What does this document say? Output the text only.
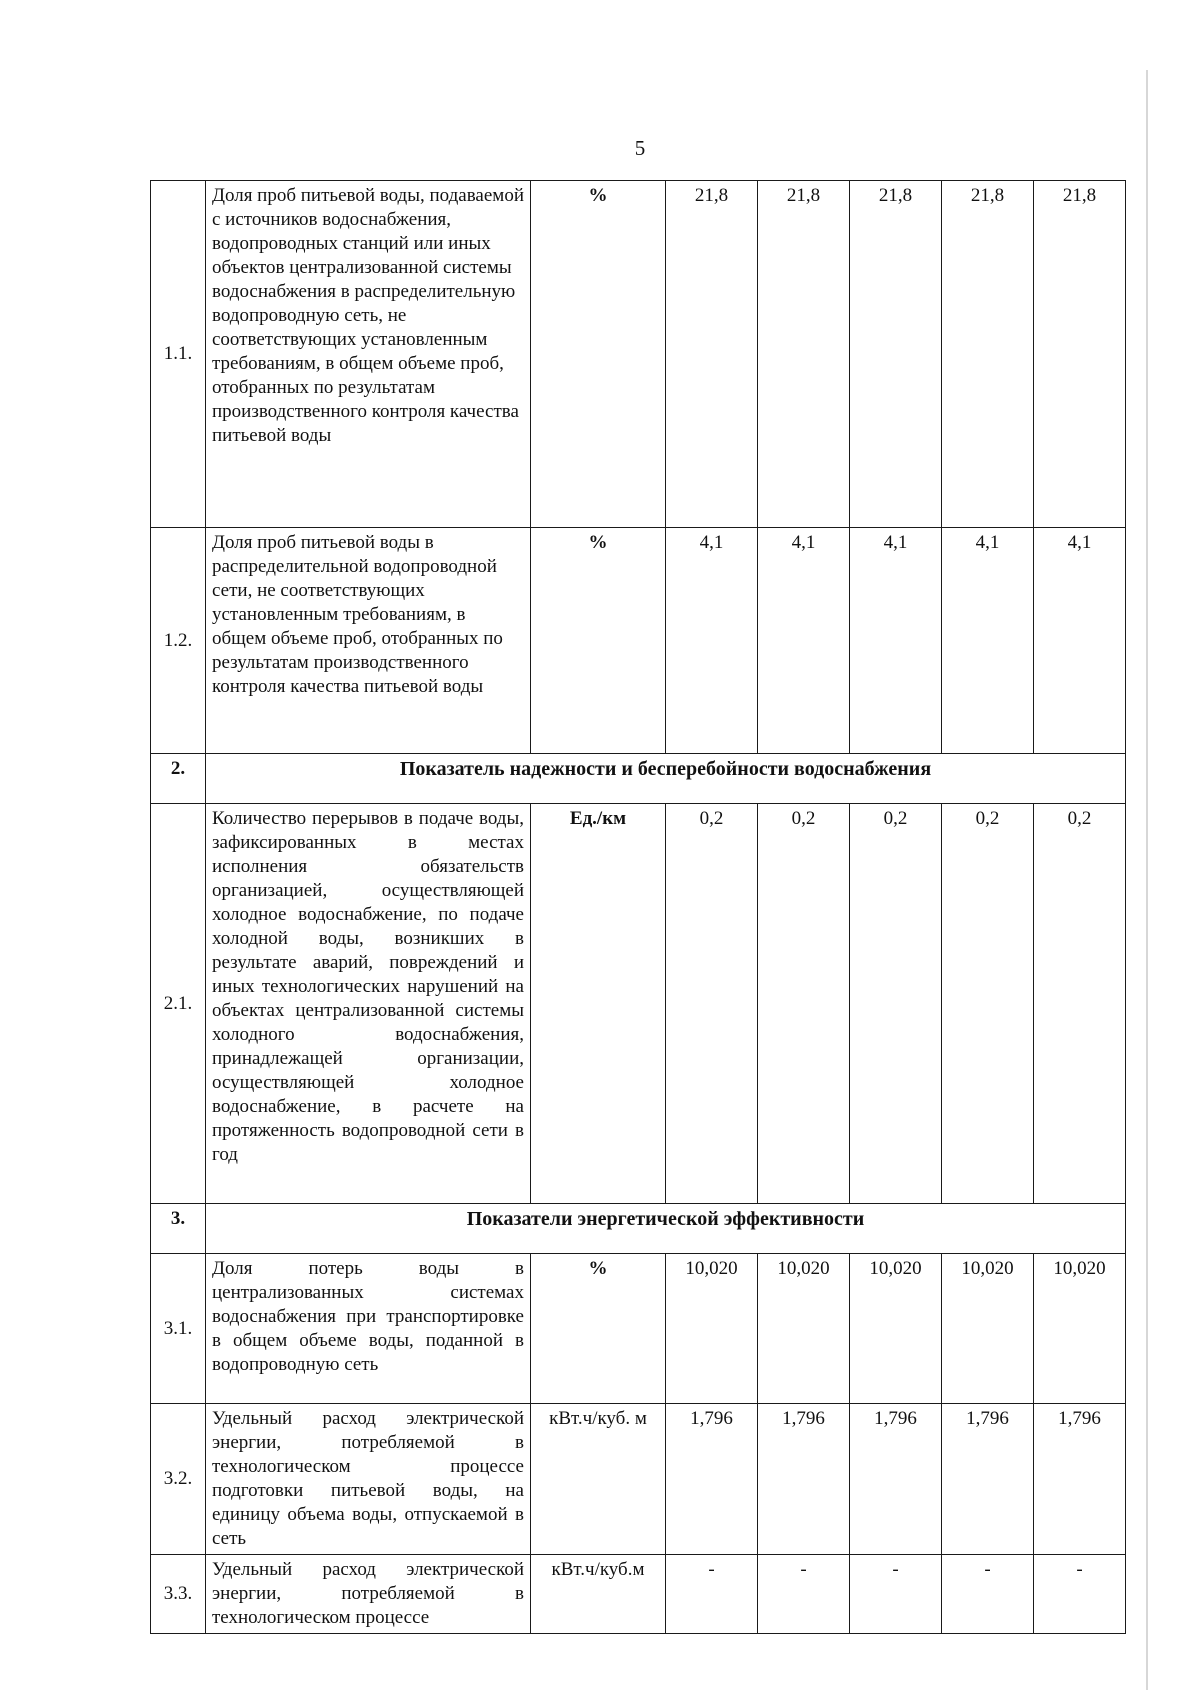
5
1.1.	Доля проб питьевой воды, подаваемой с источников водоснабжения, водопроводных станций или иных объектов централизованной системы водоснабжения в распределительную водопроводную сеть, не соответствующих установленным требованиям, в общем объеме проб, отобранных по результатам производственного контроля качества питьевой воды	%	21,8	21,8	21,8	21,8	21,8
1.2.	Доля проб питьевой воды в распределительной водопроводной сети, не соответствующих установленным требованиям, в общем объеме проб, отобранных по результатам производственного контроля качества питьевой воды	%	4,1	4,1	4,1	4,1	4,1
2.	Показатель надежности и бесперебойности водоснабжения						
2.1.	Количество перерывов в подаче воды, зафиксированных в местах исполнения обязательств организацией, осуществляющей холодное водоснабжение, по подаче холодной воды, возникших в результате аварий, повреждений и иных технологических нарушений на объектах централизованной системы холодного водоснабжения, принадлежащей организации, осуществляющей холодное водоснабжение, в расчете на протяженность водопроводной сети в год	Ед./км	0,2	0,2	0,2	0,2	0,2
3.	Показатели энергетической эффективности						
3.1.	Доля потерь воды в централизованных системах водоснабжения при транспортировке в общем объеме воды, поданной в водопроводную сеть	%	10,020	10,020	10,020	10,020	10,020
3.2.	Удельный расход электрической энергии, потребляемой в технологическом процессе подготовки питьевой воды, на единицу объема воды, отпускаемой в сеть	кВт.ч/куб. м	1,796	1,796	1,796	1,796	1,796
3.3.	Удельный расход электрической энергии, потребляемой в технологическом процессе	кВт.ч/куб.м	-	-	-	-	-
